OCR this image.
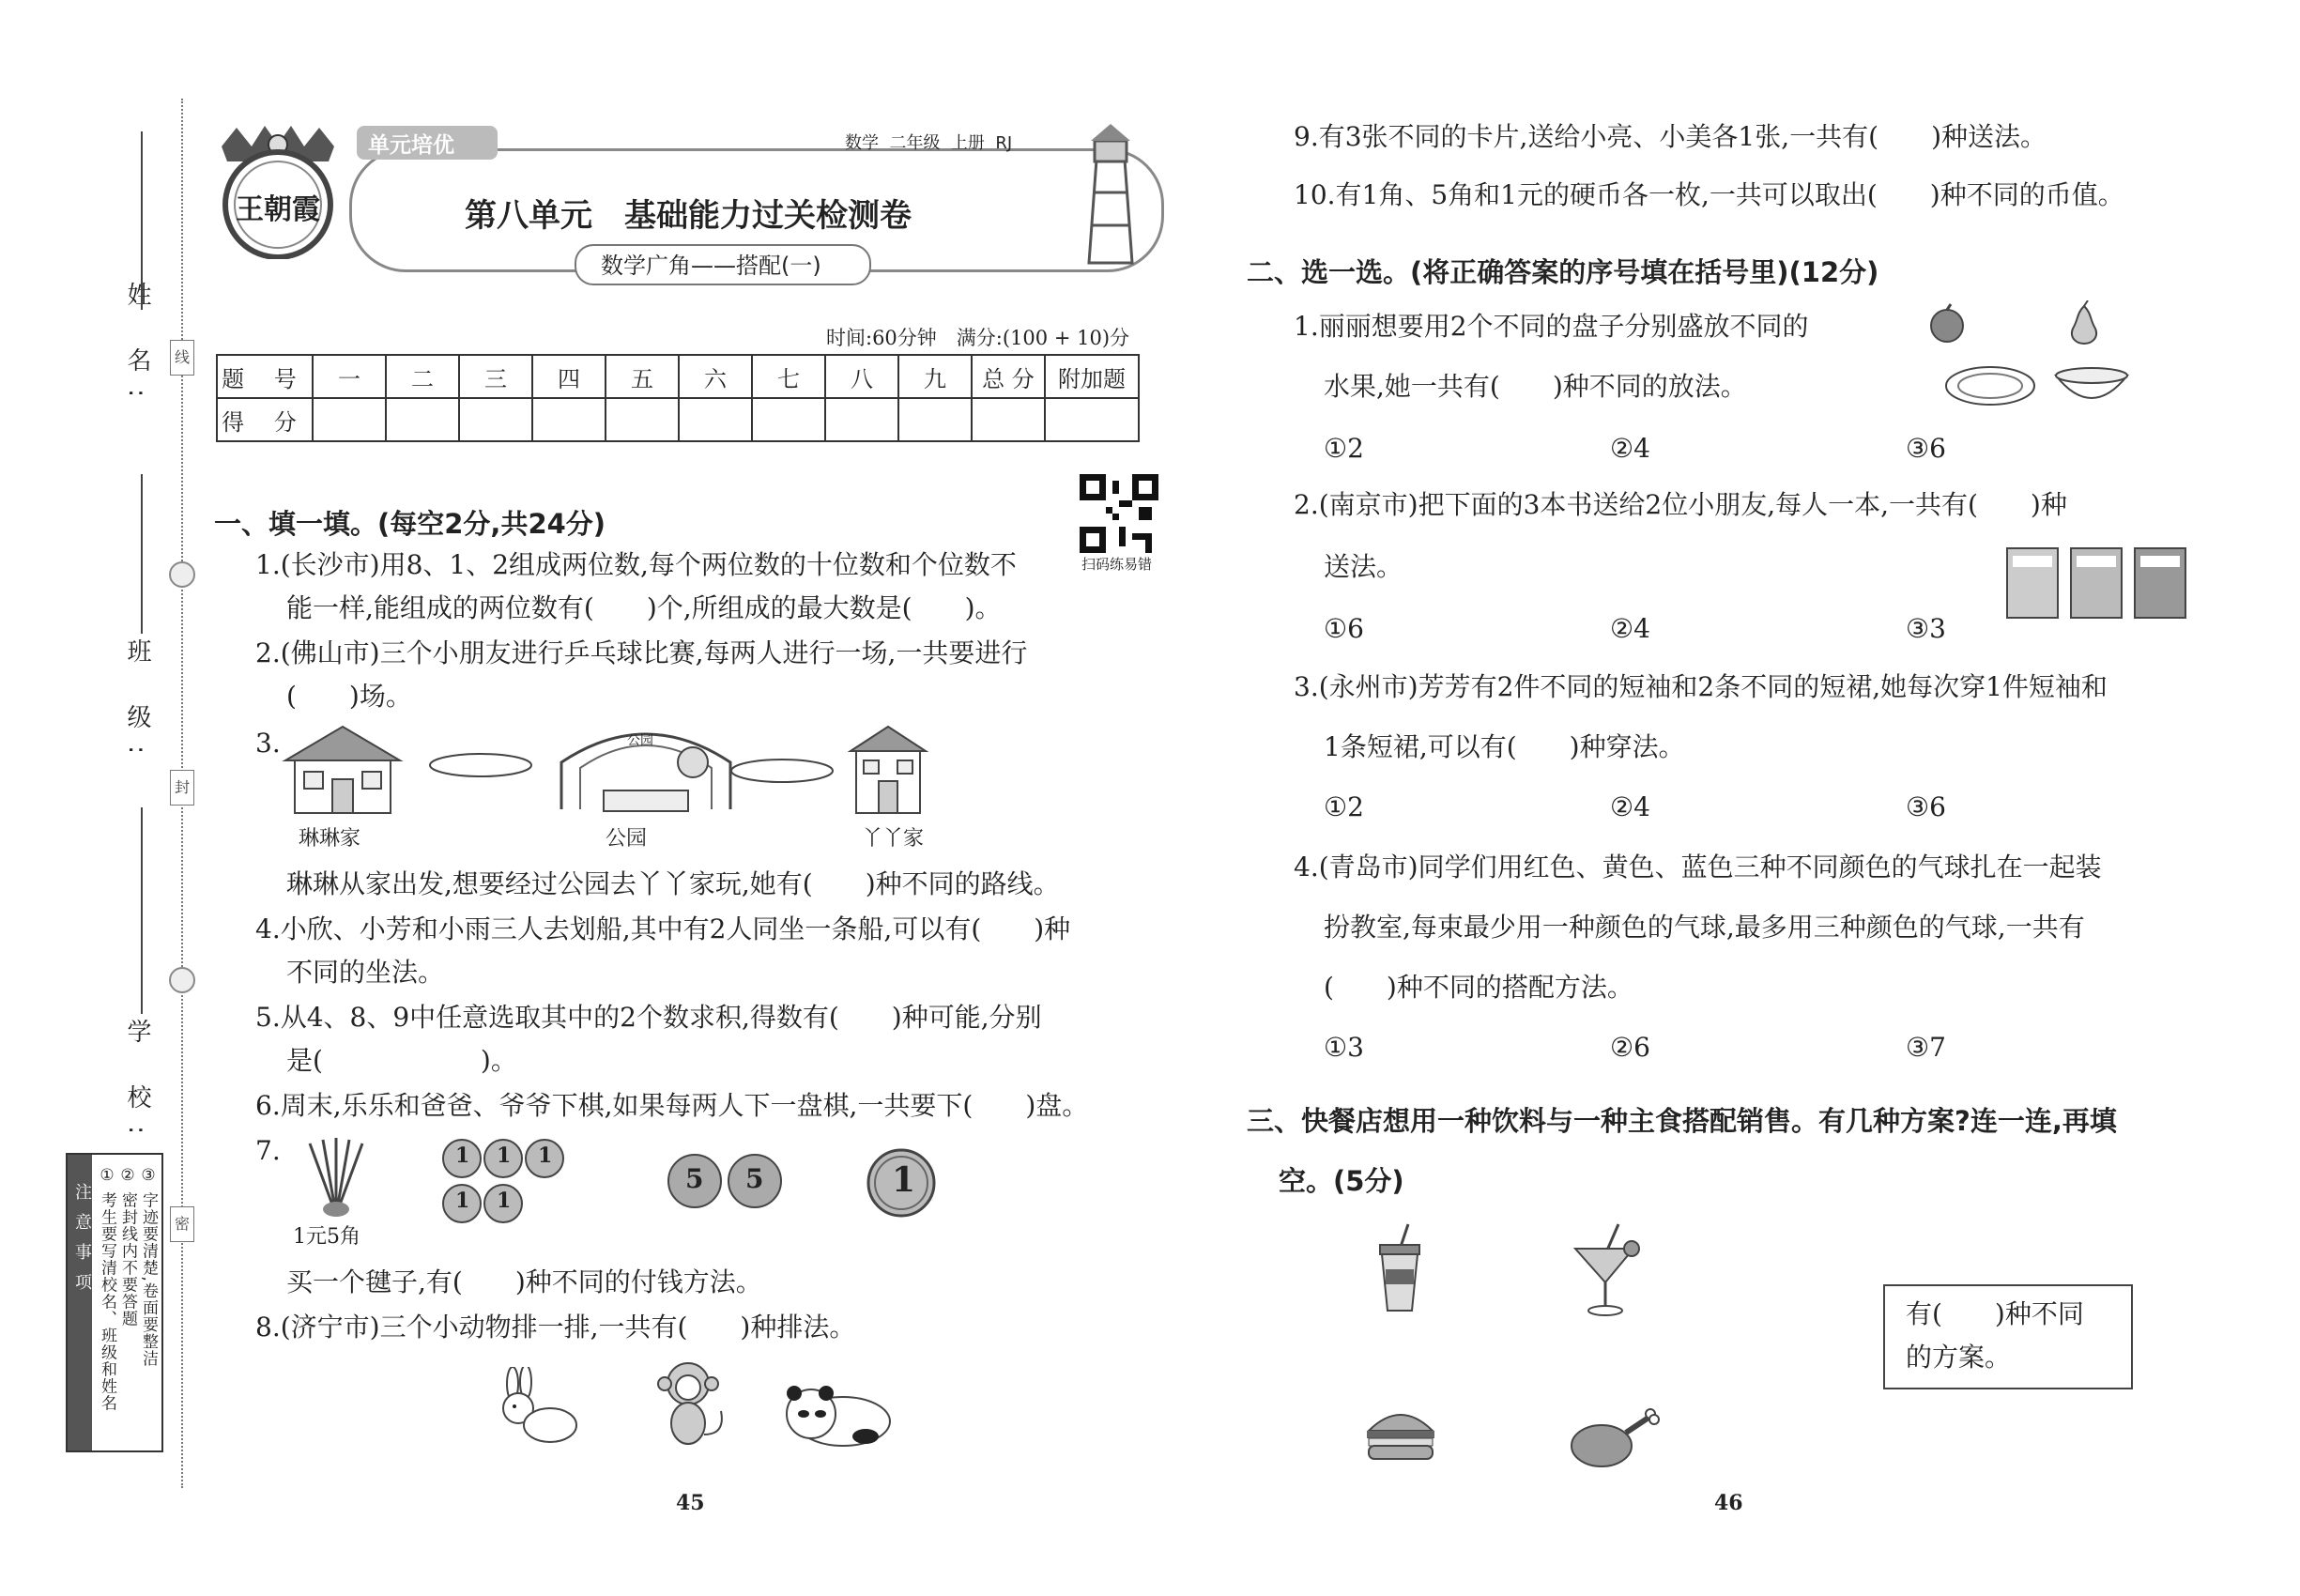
姓 名:
班 级:
学 校:
线
封
密
注意事项 ① 考生要写清校名、班级和姓名 ② 密封线内不要答题 ③ 字迹要清楚,卷面要整洁
王朝霞
单元培优	数学  二年级  上册  RJ
第八单元　基础能力过关检测卷
数学广角——搭配(一)
时间:60分钟　满分:(100 + 10)分
题 号	一	二	三	四	五	六	七	八	九	总 分	附加题
得 分											
扫码练易错
一、填一填。(每空2分,共24分)
1.(长沙市)用8、1、2组成两位数,每个两位数的十位数和个位数不
能一样,能组成的两位数有(　　)个,所组成的最大数是(　　)。
2.(佛山市)三个小朋友进行乒乓球比赛,每两人进行一场,一共要进行
(　　)场。
3.	公园
琳琳家	公园	丫丫家
琳琳从家出发,想要经过公园去丫丫家玩,她有(　　)种不同的路线。
4.小欣、小芳和小雨三人去划船,其中有2人同坐一条船,可以有(　　)种
不同的坐法。
5.从4、8、9中任意选取其中的2个数求积,得数有(　　)种可能,分别
是(　　　　　　)。
6.周末,乐乐和爸爸、爷爷下棋,如果每两人下一盘棋,一共要下(　　)盘。
7.
1元5角
1 1 1
1 1
5 5	1
买一个毽子,有(　　)种不同的付钱方法。
8.(济宁市)三个小动物排一排,一共有(　　)种排法。
45
9.有3张不同的卡片,送给小亮、小美各1张,一共有(　　)种送法。
10.有1角、5角和1元的硬币各一枚,一共可以取出(　　)种不同的币值。
二、选一选。(将正确答案的序号填在括号里)(12分)
1.丽丽想要用2个不同的盘子分别盛放不同的
水果,她一共有(　　)种不同的放法。
①2	②4	③6
2.(南京市)把下面的3本书送给2位小朋友,每人一本,一共有(　　)种
送法。
①6	②4	③3
3.(永州市)芳芳有2件不同的短袖和2条不同的短裙,她每次穿1件短袖和
1条短裙,可以有(　　)种穿法。
①2	②4	③6
4.(青岛市)同学们用红色、黄色、蓝色三种不同颜色的气球扎在一起装
扮教室,每束最少用一种颜色的气球,最多用三种颜色的气球,一共有
(　　)种不同的搭配方法。
①3	②6	③7
三、快餐店想用一种饮料与一种主食搭配销售。有几种方案?连一连,再填
空。(5分)
有(　　)种不同
的方案。
46
